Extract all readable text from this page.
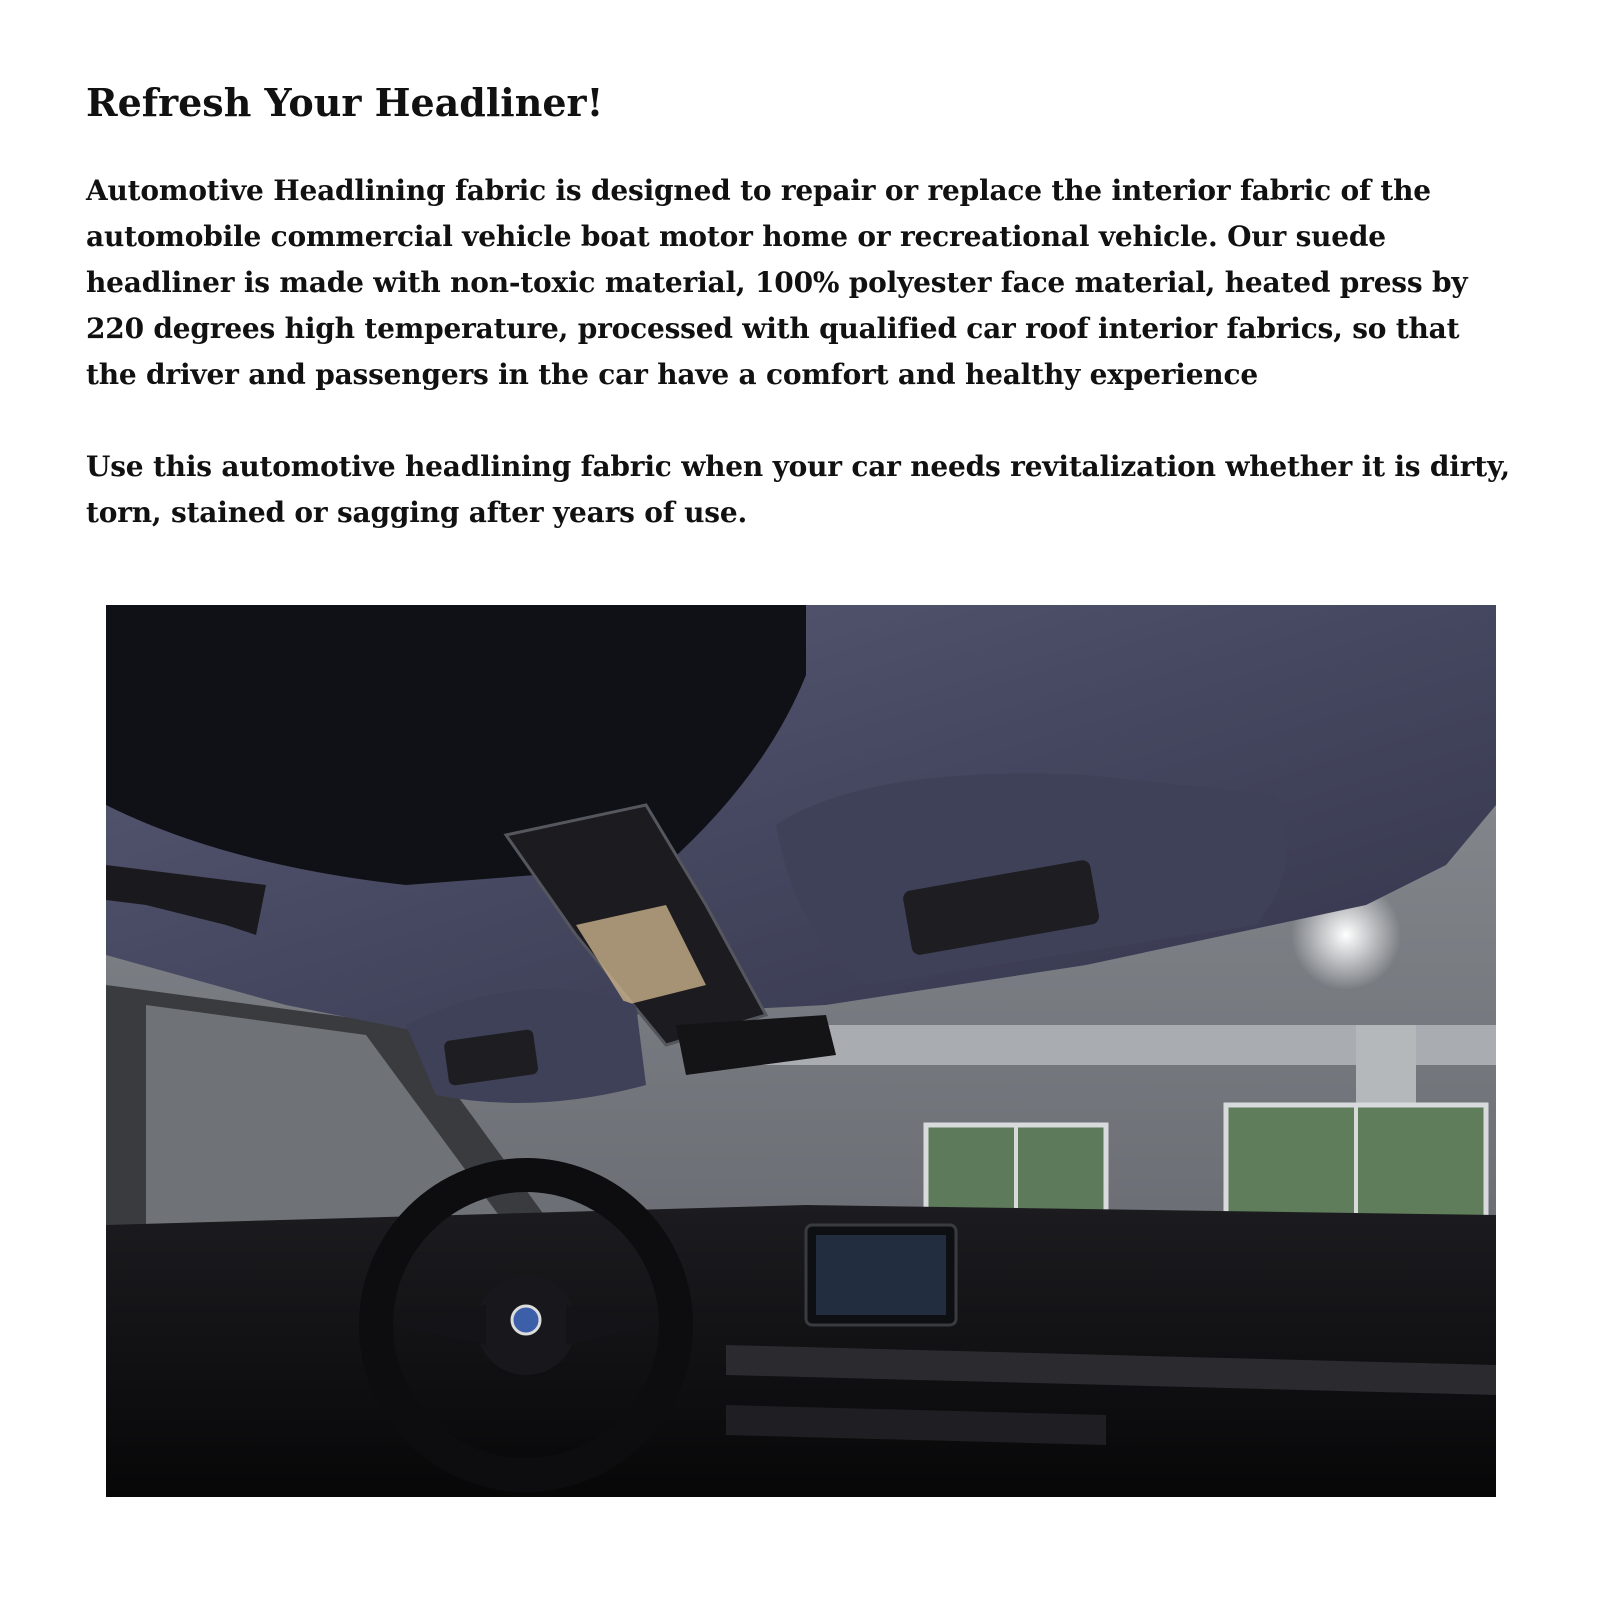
Refresh Your Headliner!

Automotive Headlining fabric is designed to repair or replace the interior fabric of the automobile commercial vehicle boat motor home or recreational vehicle. Our suede headliner is made with non-toxic material, 100% polyester face material, heated press by 220 degrees high temperature, processed with qualified car roof interior fabrics, so that the driver and passengers in the car have a comfort and healthy experience

Use this automotive headlining fabric when your car needs revitalization whether it is dirty, torn, stained or sagging after years of use.
